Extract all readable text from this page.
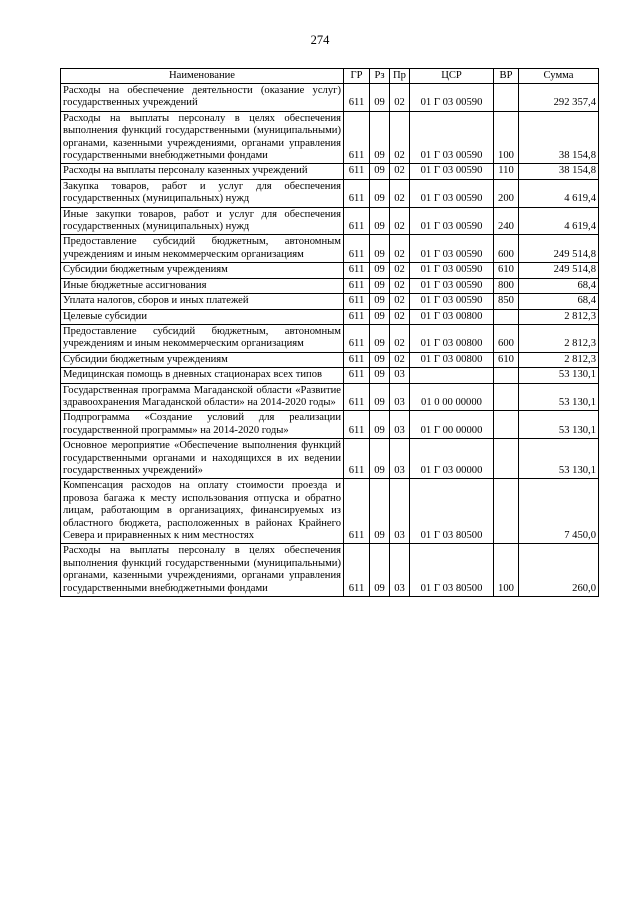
274
Наименование	ГР	Рз	Пр	ЦСР	ВР	Сумма
Расходы на обеспечение деятельности (оказание услуг) государственных учреждений	611	09	02	01 Г 03 00590		292 357,4
Расходы на выплаты персоналу в целях обеспечения выполнения функций государственными (муниципальными) органами, казенными учреждениями, органами управления государственными внебюджетными фондами	611	09	02	01 Г 03 00590	100	38 154,8
Расходы на выплаты персоналу казенных учреждений	611	09	02	01 Г 03 00590	110	38 154,8
Закупка товаров, работ и услуг для обеспечения государственных (муниципальных) нужд	611	09	02	01 Г 03 00590	200	4 619,4
Иные закупки товаров, работ и услуг для обеспечения государственных (муниципальных) нужд	611	09	02	01 Г 03 00590	240	4 619,4
Предоставление субсидий бюджетным, автономным учреждениям и иным некоммерческим организациям	611	09	02	01 Г 03 00590	600	249 514,8
Субсидии бюджетным учреждениям	611	09	02	01 Г 03 00590	610	249 514,8
Иные бюджетные ассигнования	611	09	02	01 Г 03 00590	800	68,4
Уплата налогов, сборов и иных платежей	611	09	02	01 Г 03 00590	850	68,4
Целевые субсидии	611	09	02	01 Г 03 00800		2 812,3
Предоставление субсидий бюджетным, автономным учреждениям и иным некоммерческим организациям	611	09	02	01 Г 03 00800	600	2 812,3
Субсидии бюджетным учреждениям	611	09	02	01 Г 03 00800	610	2 812,3
Медицинская помощь в дневных стационарах всех типов	611	09	03			53 130,1
Государственная программа Магаданской области «Развитие здравоохранения Магаданской области» на 2014-2020 годы»	611	09	03	01 0 00 00000		53 130,1
Подпрограмма «Создание условий для реализации государственной программы» на 2014-2020 годы»	611	09	03	01 Г 00 00000		53 130,1
Основное мероприятие «Обеспечение выполнения функций государственными органами и находящихся в их ведении государственных учреждений»	611	09	03	01 Г 03 00000		53 130,1
Компенсация расходов на оплату стоимости проезда и провоза багажа к месту использования отпуска и обратно лицам, работающим в организациях, финансируемых из областного бюджета, расположенных в районах Крайнего Севера и приравненных к ним местностях	611	09	03	01 Г 03 80500		7 450,0
Расходы на выплаты персоналу в целях обеспечения выполнения функций государственными (муниципальными) органами, казенными учреждениями, органами управления государственными внебюджетными фондами	611	09	03	01 Г 03 80500	100	260,0
